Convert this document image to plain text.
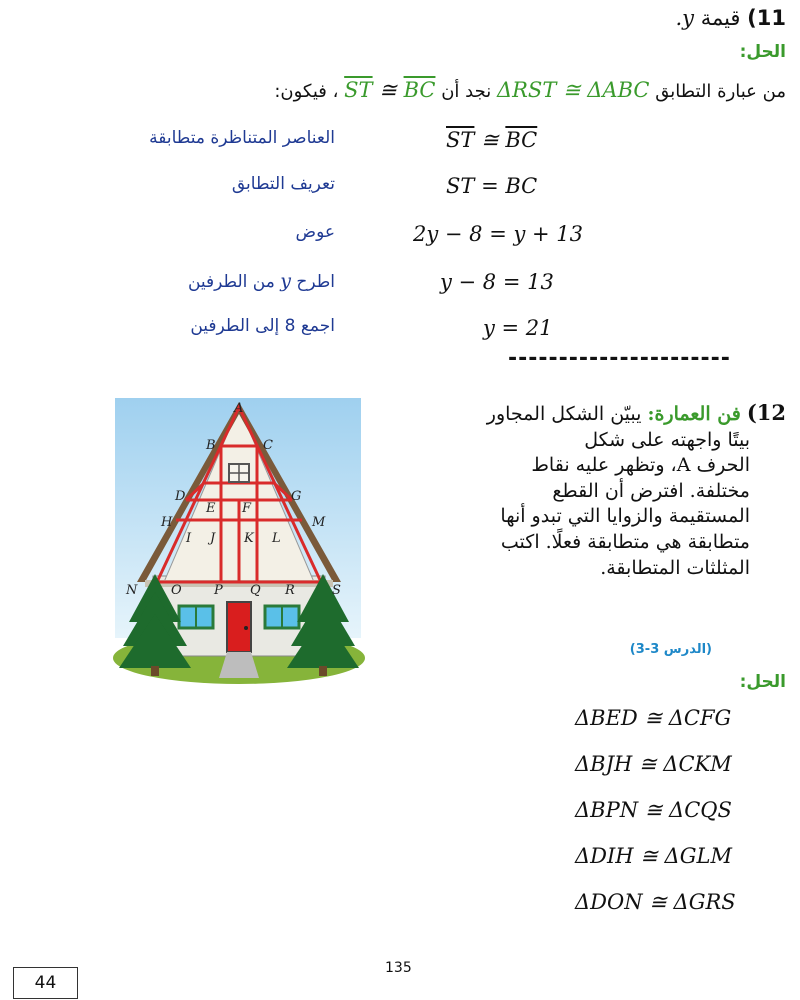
11) قيمة y.
الحل:
من عبارة التطابق ΔRST ≅ ΔABC نجد أن $\overline{ST}$ ≅ $\overline{BC}$ ، فيكون:
العناصر المتناظرة متطابقة	$\overline{ST}$ ≅ $\overline{BC}$
تعريف التطابق	ST = BC
عوض	2y − 8 = y + 13
اطرح y من الطرفين	y − 8 = 13
اجمع 8 إلى الطرفين	y = 21
----------------------
A
B	C
D
E F
G
H
I J K L
M
N	O P Q R	S
12) فن العمارة: يبيّن الشكل المجاور
بيتًا واجهته على شكل
الحرف A، وتظهر عليه نقاط
مختلفة. افترض أن القطع
المستقيمة والزوايا التي تبدو أنها
متطابقة هي متطابقة فعلًا. اكتب
المثلثات المتطابقة.
(الدرس 3-3)
الحل:
ΔBED ≅ ΔCFG
ΔBJH ≅ ΔCKM
ΔBPN ≅ ΔCQS
ΔDIH ≅ ΔGLM
ΔDON ≅ ΔGRS
135
44
